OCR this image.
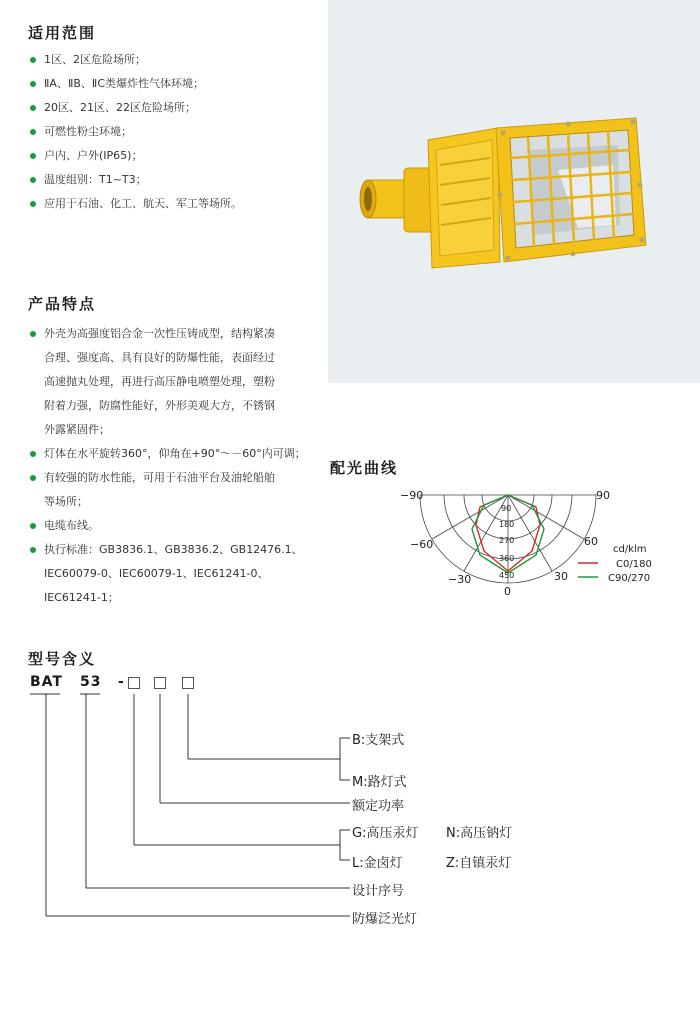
适用范围
1区、2区危险场所；
ⅡA、ⅡB、ⅡC类爆炸性气体环境；
20区、21区、22区危险场所；
可燃性粉尘环境；
户内、户外(IP65)；
温度组别：T1~T3；
应用于石油、化工、航天、军工等场所。
产品特点
外壳为高强度铝合金一次性压铸成型，结构紧凑
合理、强度高、具有良好的防爆性能，表面经过
高速抛丸处理，再进行高压静电喷塑处理，塑粉
附着力强，防腐性能好，外形美观大方，不锈钢
外露紧固件；
灯体在水平旋转360°，仰角在+90°～－60°内可调；
有较强的防水性能，可用于石油平台及油轮船舶
等场所；
电缆布线。
执行标准：GB3836.1、GB3836.2、GB12476.1、
IEC60079-0、IEC60079-1、IEC61241-0、
IEC61241-1；
配光曲线
−90	90
−60	60
−30	30
0
90
180
270
360
450
cd/klm
C0/180
C90/270
型号含义
BAT 53 -
B:支架式
M:路灯式
额定功率
G:高压汞灯 N:高压钠灯
L:金卤灯	Z:自镇汞灯
设计序号
防爆泛光灯
